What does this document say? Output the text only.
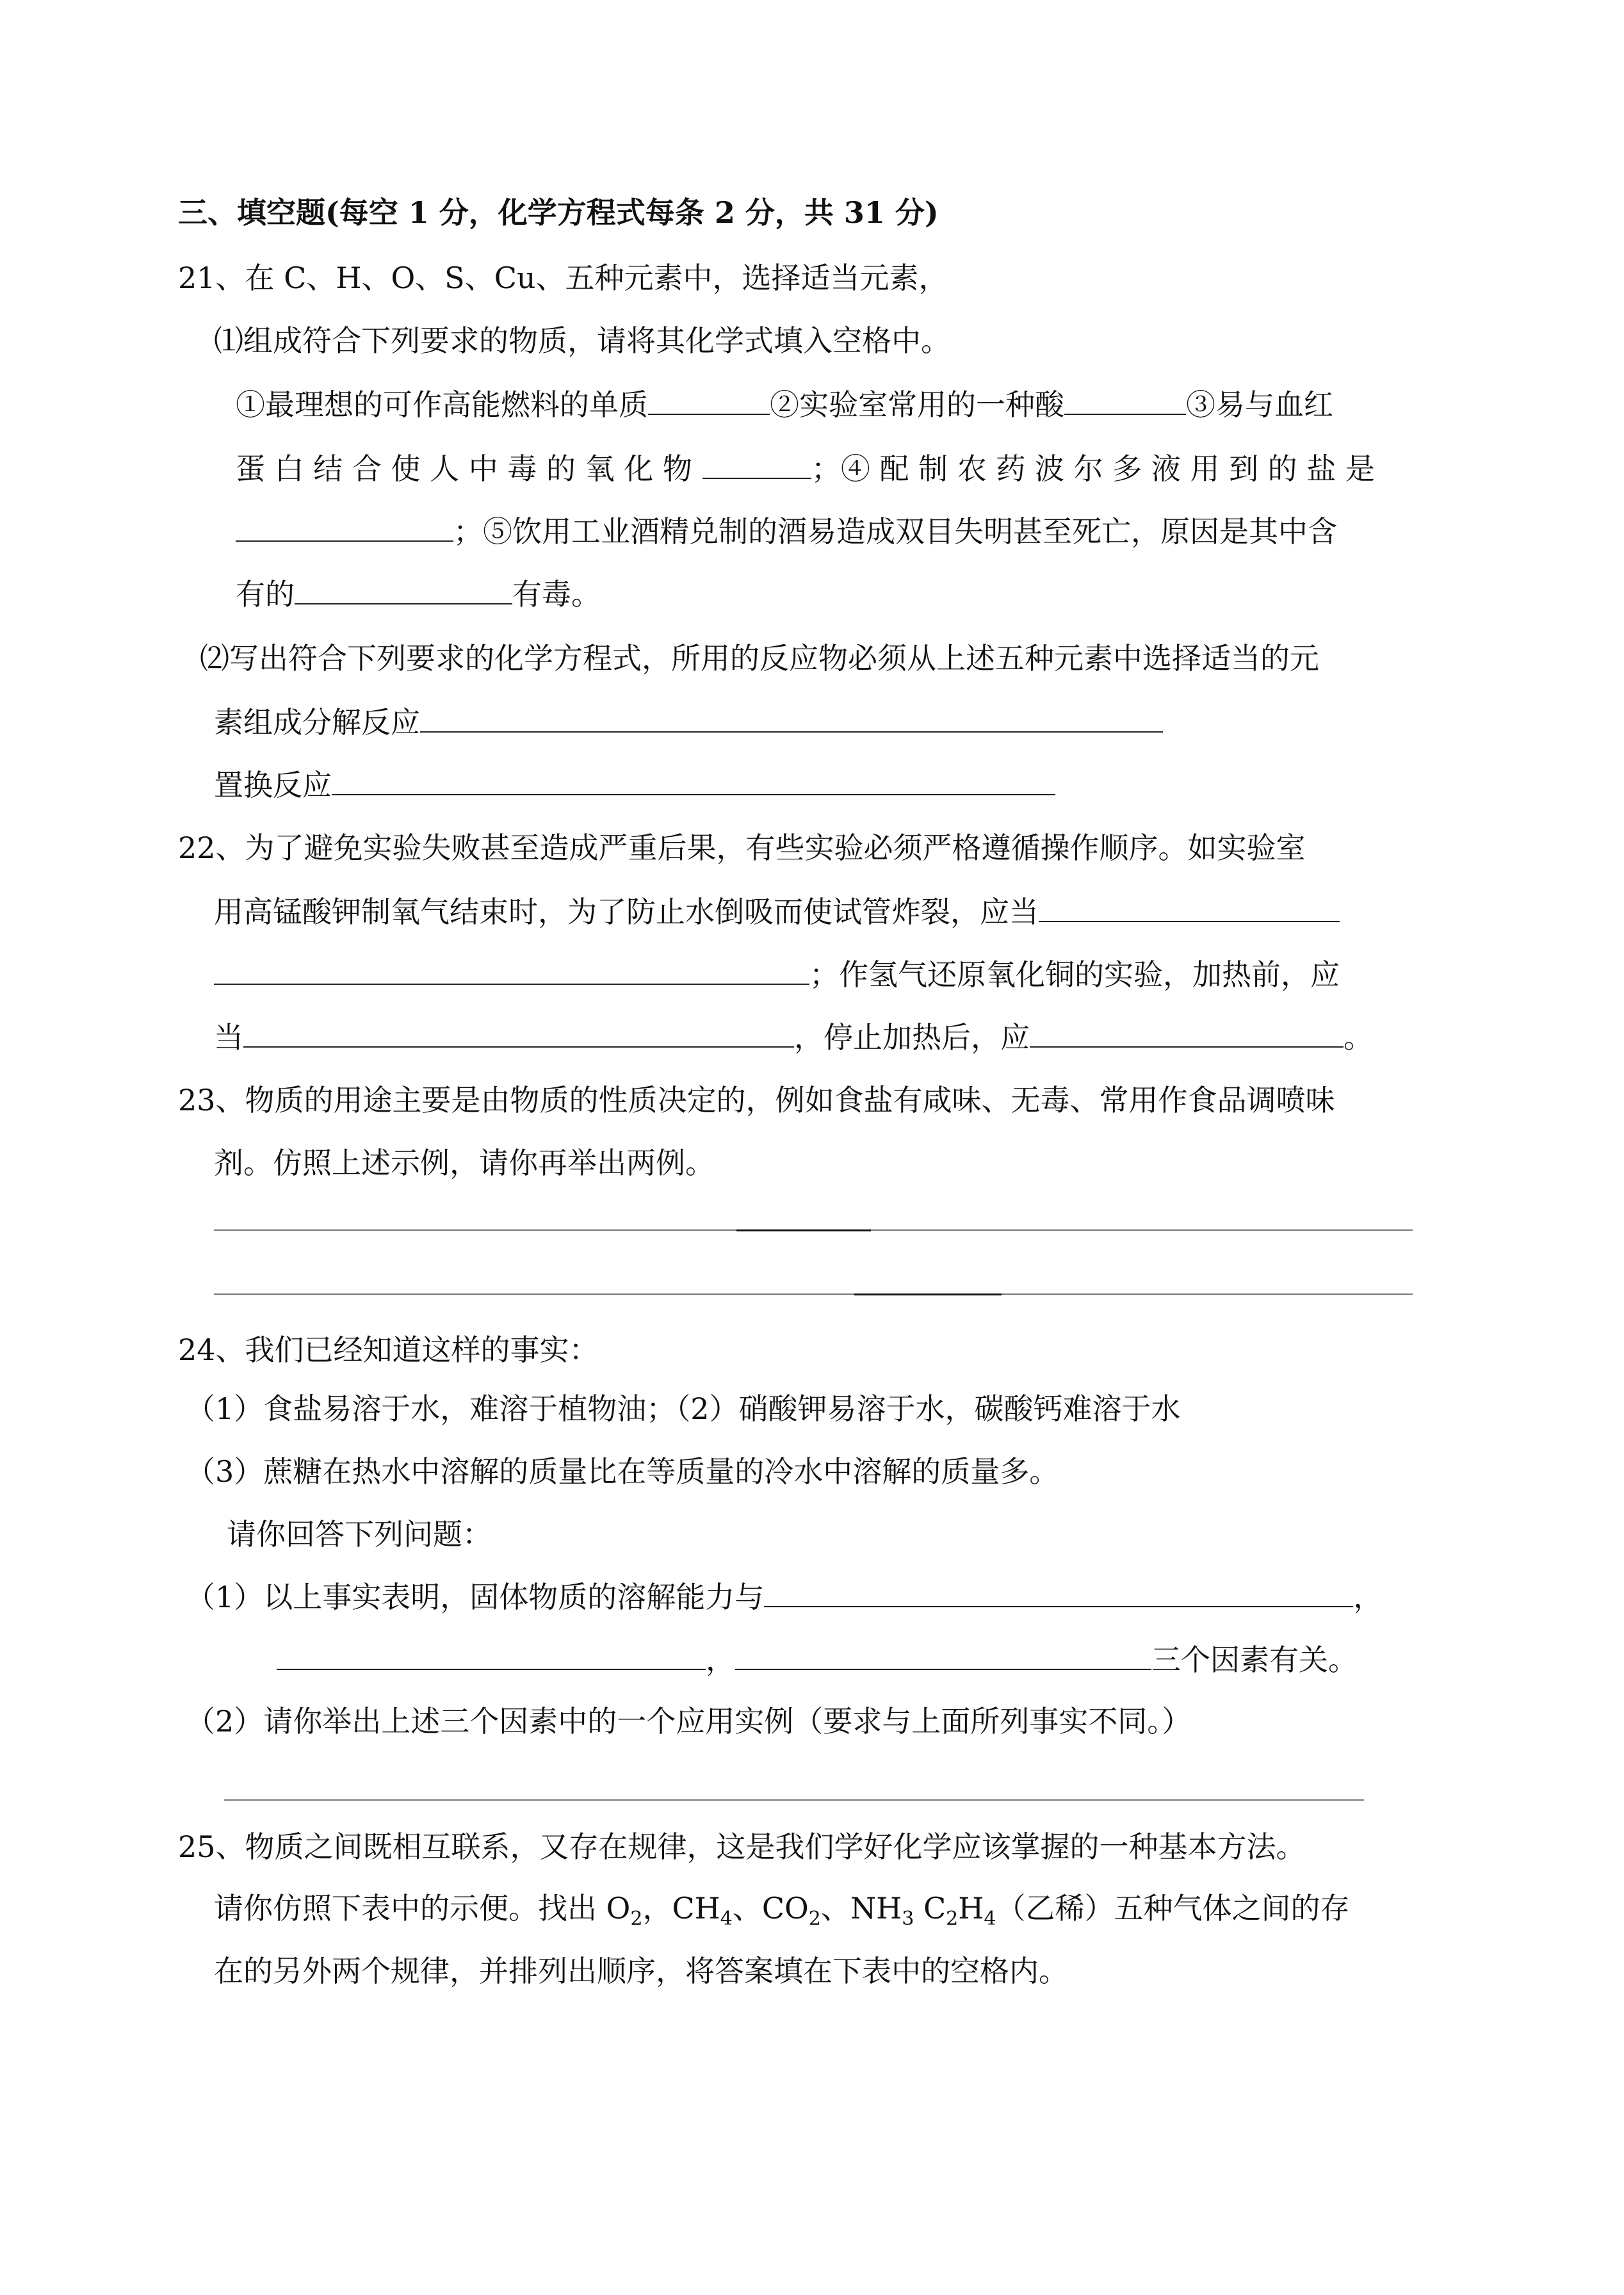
三、填空题(每空 1 分，化学方程式每条 2 分，共 31 分)
21、在 C、H、O、S、Cu、五种元素中，选择适当元素，
⑴组成符合下列要求的物质，请将其化学式填入空格中。
①最理想的可作高能燃料的单质	②实验室常用的一种酸	③易与血红
蛋 白 结 合 使 人 中 毒 的 氧 化 物	；④ 配 制 农 药 波 尔 多 液 用 到 的 盐 是
；⑤饮用工业酒精兑制的酒易造成双目失明甚至死亡，原因是其中含
有的	有毒。
⑵写出符合下列要求的化学方程式，所用的反应物必须从上述五种元素中选择适当的元
素组成分解反应
置换反应
22、为了避免实验失败甚至造成严重后果，有些实验必须严格遵循操作顺序。如实验室
用高锰酸钾制氧气结束时，为了防止水倒吸而使试管炸裂，应当
；作氢气还原氧化铜的实验，加热前，应
当	，停止加热后，应	。
23、物质的用途主要是由物质的性质决定的，例如食盐有咸味、无毒、常用作食品调喷味
剂。仿照上述示例，请你再举出两例。
24、我们已经知道这样的事实：
（1）食盐易溶于水，难溶于植物油；（2）硝酸钾易溶于水，碳酸钙难溶于水
（3）蔗糖在热水中溶解的质量比在等质量的冷水中溶解的质量多。
请你回答下列问题：
（1）以上事实表明，固体物质的溶解能力与	，
，	三个因素有关。
（2）请你举出上述三个因素中的一个应用实例（要求与上面所列事实不同。）
25、物质之间既相互联系，又存在规律，这是我们学好化学应该掌握的一种基本方法。
请你仿照下表中的示便。找出 $O_2$，$CH_4$、$CO_2$、$NH_3$ $C_2H_4$（乙稀）五种气体之间的存
在的另外两个规律，并排列出顺序，将答案填在下表中的空格内。
